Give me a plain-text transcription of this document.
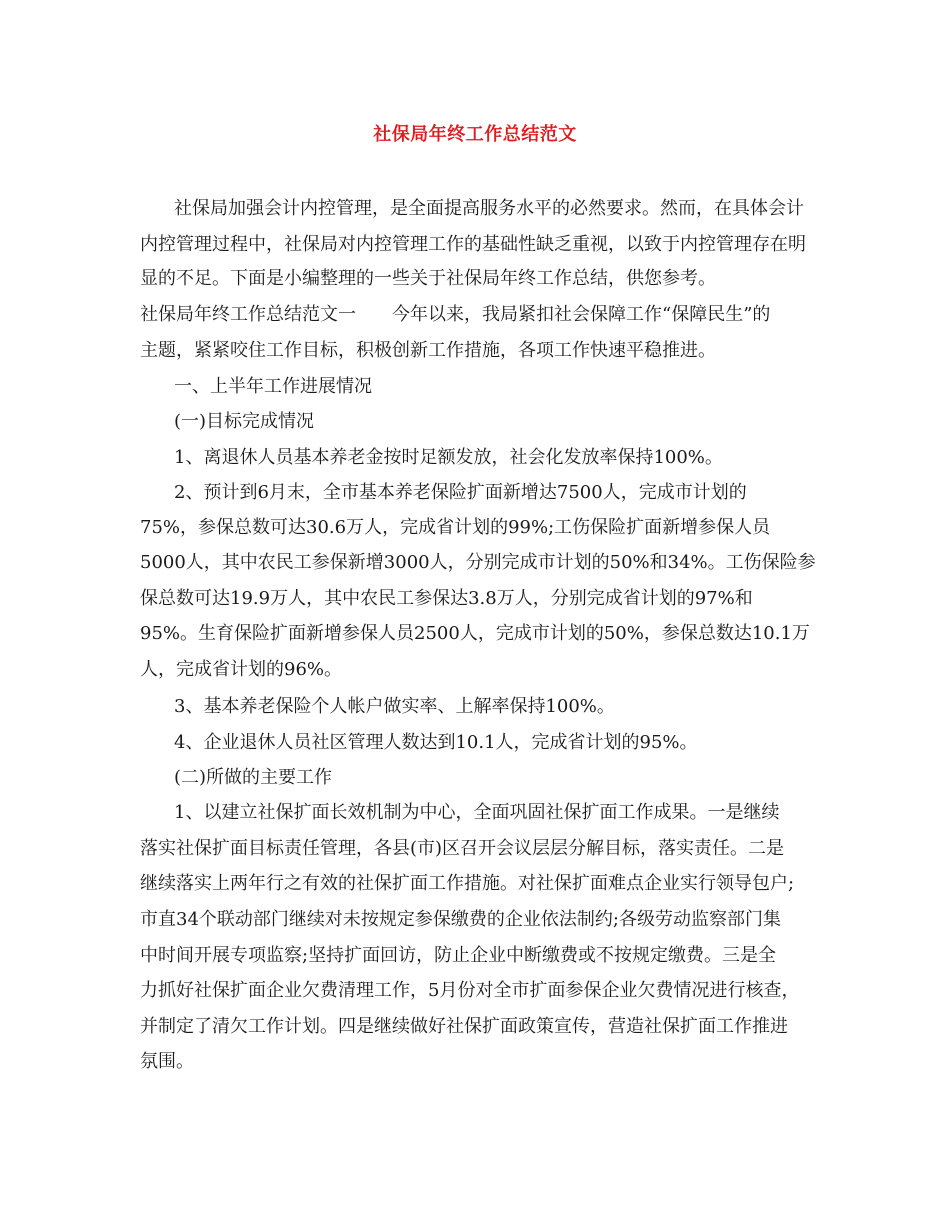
社保局年终工作总结范文
社保局加强会计内控管理，是全面提高服务水平的必然要求。然而，在具体会计
内控管理过程中，社保局对内控管理工作的基础性缺乏重视，以致于内控管理存在明
显的不足。下面是小编整理的一些关于社保局年终工作总结，供您参考。
社保局年终工作总结范文一　　今年以来，我局紧扣社会保障工作“保障民生”的
主题，紧紧咬住工作目标，积极创新工作措施，各项工作快速平稳推进。
一、上半年工作进展情况
(一)目标完成情况
1、离退休人员基本养老金按时足额发放，社会化发放率保持100%。
2、预计到6月末，全市基本养老保险扩面新增达7500人，完成市计划的
75%，参保总数可达30.6万人，完成省计划的99%;工伤保险扩面新增参保人员
5000人，其中农民工参保新增3000人，分别完成市计划的50%和34%。工伤保险参
保总数可达19.9万人，其中农民工参保达3.8万人，分别完成省计划的97%和
95%。生育保险扩面新增参保人员2500人，完成市计划的50%，参保总数达10.1万
人，完成省计划的96%。
3、基本养老保险个人帐户做实率、上解率保持100%。
4、企业退休人员社区管理人数达到10.1人，完成省计划的95%。
(二)所做的主要工作
1、以建立社保扩面长效机制为中心，全面巩固社保扩面工作成果。一是继续
落实社保扩面目标责任管理，各县(市)区召开会议层层分解目标，落实责任。二是
继续落实上两年行之有效的社保扩面工作措施。对社保扩面难点企业实行领导包户;
市直34个联动部门继续对未按规定参保缴费的企业依法制约;各级劳动监察部门集
中时间开展专项监察;坚持扩面回访，防止企业中断缴费或不按规定缴费。三是全
力抓好社保扩面企业欠费清理工作，5月份对全市扩面参保企业欠费情况进行核查，
并制定了清欠工作计划。四是继续做好社保扩面政策宣传，营造社保扩面工作推进
氛围。
